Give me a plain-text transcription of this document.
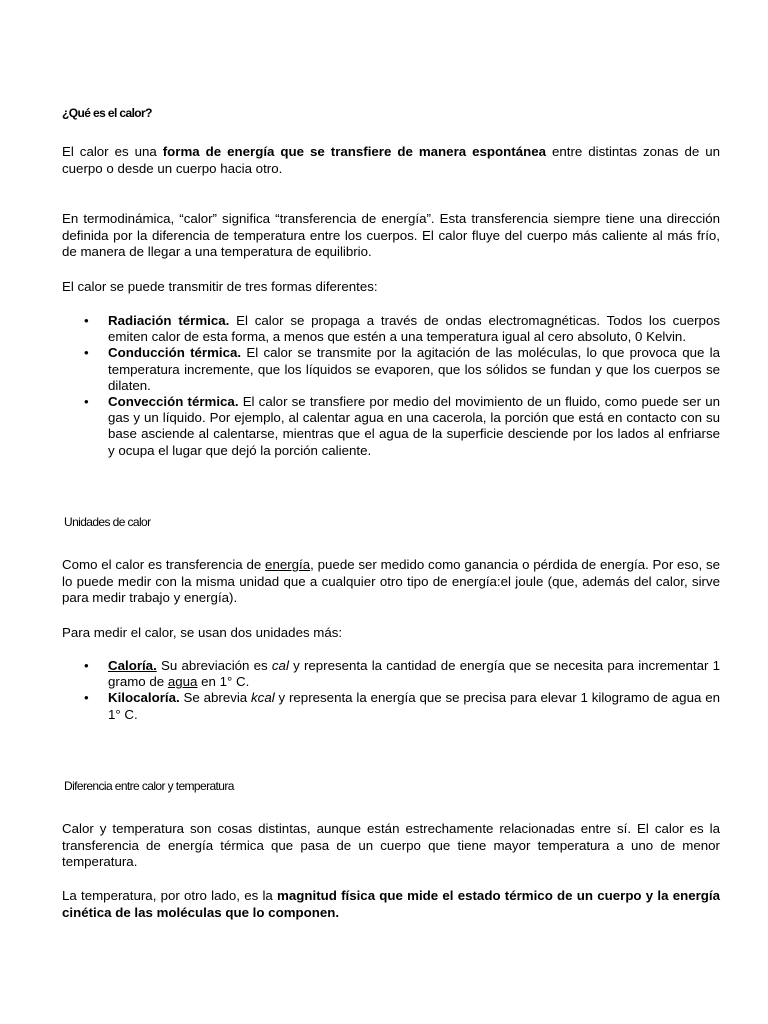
¿Qué es el calor?
El calor es una forma de energía que se transfiere de manera espontánea entre distintas zonas de un cuerpo o desde un cuerpo hacia otro.
En termodinámica, “calor” significa “transferencia de energía”. Esta transferencia siempre tiene una dirección definida por la diferencia de temperatura entre los cuerpos. El calor fluye del cuerpo más caliente al más frío, de manera de llegar a una temperatura de equilibrio.
El calor se puede transmitir de tres formas diferentes:
• Radiación térmica. El calor se propaga a través de ondas electromagnéticas. Todos los cuerpos emiten calor de esta forma, a menos que estén a una temperatura igual al cero absoluto, 0 Kelvin.
• Conducción térmica. El calor se transmite por la agitación de las moléculas, lo que provoca que la temperatura incremente, que los líquidos se evaporen, que los sólidos se fundan y que los cuerpos se dilaten.
• Convección térmica. El calor se transfiere por medio del movimiento de un fluido, como puede ser un gas y un líquido. Por ejemplo, al calentar agua en una cacerola, la porción que está en contacto con su base asciende al calentarse, mientras que el agua de la superficie desciende por los lados al enfriarse y ocupa el lugar que dejó la porción caliente.
Unidades de calor
Como el calor es transferencia de energía, puede ser medido como ganancia o pérdida de energía. Por eso, se lo puede medir con la misma unidad que a cualquier otro tipo de energía:el joule (que, además del calor, sirve para medir trabajo y energía).
Para medir el calor, se usan dos unidades más:
• Caloría. Su abreviación es cal y representa la cantidad de energía que se necesita para incrementar 1 gramo de agua en 1° C.
• Kilocaloría. Se abrevia kcal y representa la energía que se precisa para elevar 1 kilogramo de agua en 1° C.
Diferencia entre calor y temperatura
Calor y temperatura son cosas distintas, aunque están estrechamente relacionadas entre sí. El calor es la transferencia de energía térmica que pasa de un cuerpo que tiene mayor temperatura a uno de menor temperatura.
La temperatura, por otro lado, es la magnitud física que mide el estado térmico de un cuerpo y la energía cinética de las moléculas que lo componen.
